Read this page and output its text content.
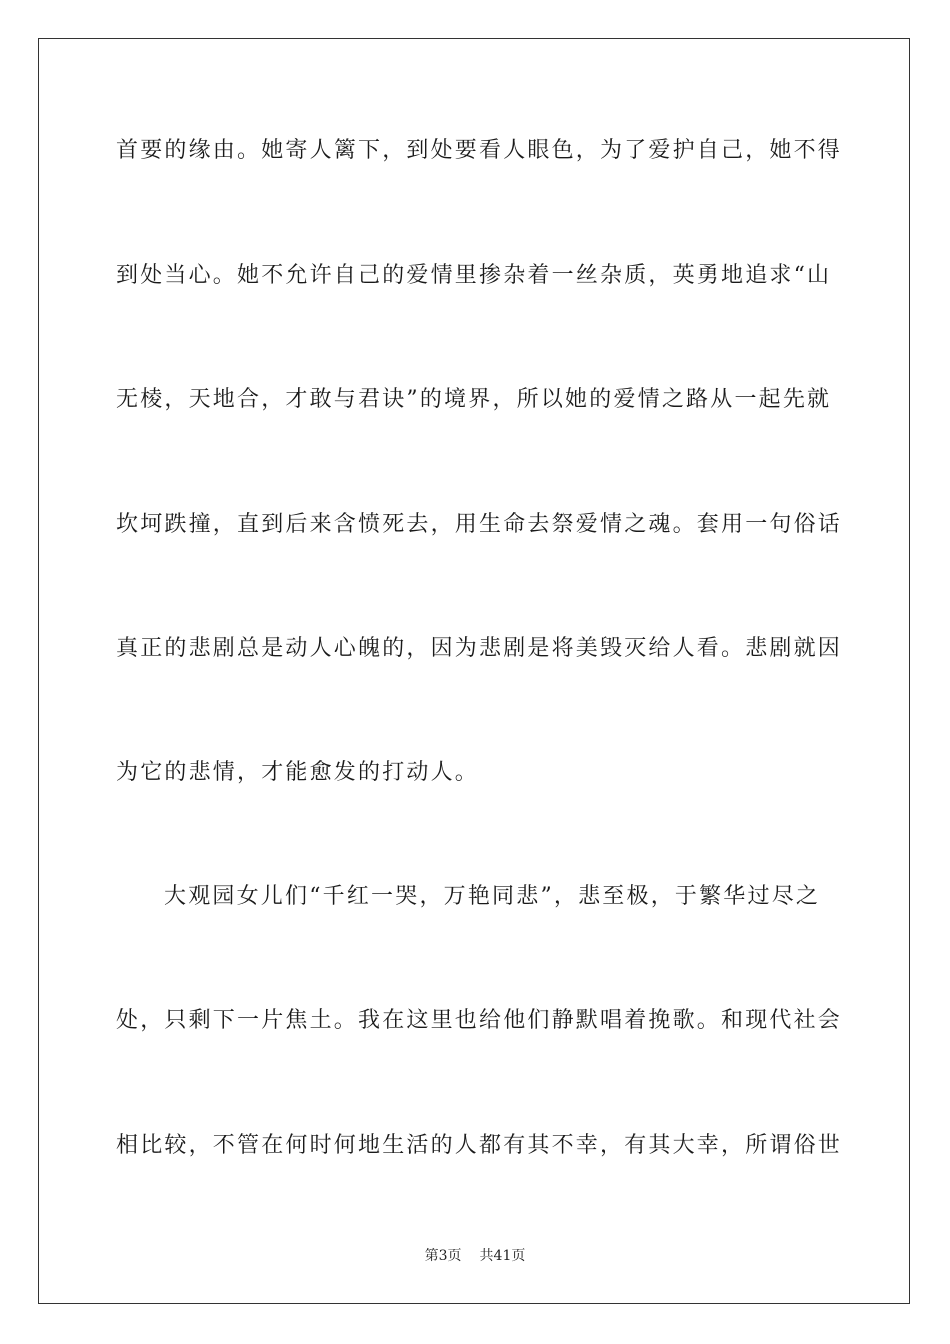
首要的缘由。她寄人篱下，到处要看人眼色，为了爱护自己，她不得
到处当心。她不允许自己的爱情里掺杂着一丝杂质，英勇地追求“山
无棱，天地合，才敢与君诀”的境界，所以她的爱情之路从一起先就
坎坷跌撞，直到后来含愤死去，用生命去祭爱情之魂。套用一句俗话
真正的悲剧总是动人心魄的，因为悲剧是将美毁灭给人看。悲剧就因
为它的悲情，才能愈发的打动人。
大观园女儿们“千红一哭，万艳同悲”，悲至极，于繁华过尽之
处，只剩下一片焦土。我在这里也给他们静默唱着挽歌。和现代社会
相比较，不管在何时何地生活的人都有其不幸，有其大幸，所谓俗世
第3页 共41页
